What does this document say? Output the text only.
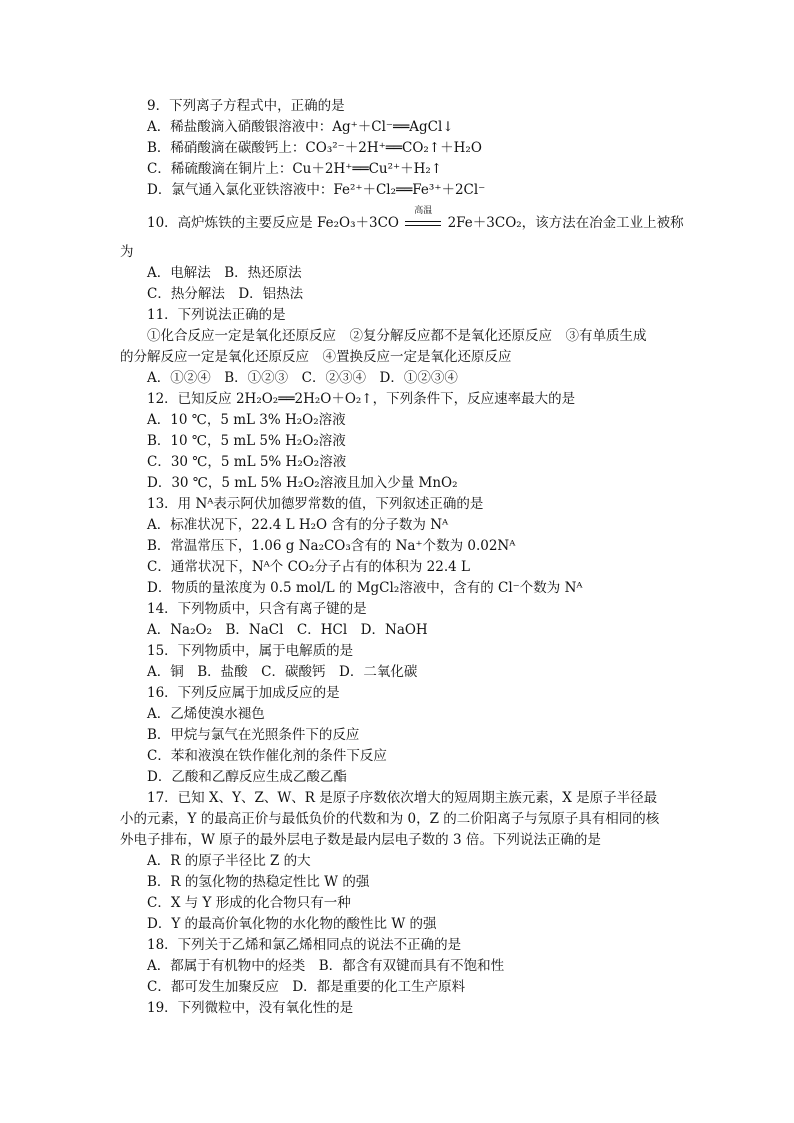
9．下列离子方程式中，正确的是
A．稀盐酸滴入硝酸银溶液中：Ag⁺＋Cl⁻══AgCl↓
B．稀硝酸滴在碳酸钙上：CO₃²⁻＋2H⁺══CO₂↑＋H₂O
C．稀硫酸滴在铜片上：Cu＋2H⁺══Cu²⁺＋H₂↑
D．氯气通入氯化亚铁溶液中：Fe²⁺＋Cl₂══Fe³⁺＋2Cl⁻
10．高炉炼铁的主要反应是 Fe₂O₃＋3CO
高温
2Fe＋3CO₂，该方法在冶金工业上被称
为
A．电解法　B．热还原法
C．热分解法　D．铝热法
11．下列说法正确的是
①化合反应一定是氧化还原反应　②复分解反应都不是氧化还原反应　③有单质生成
的分解反应一定是氧化还原反应　④置换反应一定是氧化还原反应
A．①②④　B．①②③　C．②③④　D．①②③④
12．已知反应 2H₂O₂══2H₂O＋O₂↑，下列条件下，反应速率最大的是
A．10 ℃，5 mL 3% H₂O₂溶液
B．10 ℃，5 mL 5% H₂O₂溶液
C．30 ℃，5 mL 5% H₂O₂溶液
D．30 ℃，5 mL 5% H₂O₂溶液且加入少量 MnO₂
13．用 Nᴬ表示阿伏加德罗常数的值，下列叙述正确的是
A．标准状况下，22.4 L H₂O 含有的分子数为 Nᴬ
B．常温常压下，1.06 g Na₂CO₃含有的 Na⁺个数为 0.02Nᴬ
C．通常状况下，Nᴬ个 CO₂分子占有的体积为 22.4 L
D．物质的量浓度为 0.5 mol/L 的 MgCl₂溶液中，含有的 Cl⁻个数为 Nᴬ
14．下列物质中，只含有离子键的是
A．Na₂O₂　B．NaCl　C．HCl　D．NaOH
15．下列物质中，属于电解质的是
A．铜　B．盐酸　C．碳酸钙　D．二氧化碳
16．下列反应属于加成反应的是
A．乙烯使溴水褪色
B．甲烷与氯气在光照条件下的反应
C．苯和液溴在铁作催化剂的条件下反应
D．乙酸和乙醇反应生成乙酸乙酯
17．已知 X、Y、Z、W、R 是原子序数依次增大的短周期主族元素，X 是原子半径最
小的元素，Y 的最高正价与最低负价的代数和为 0，Z 的二价阳离子与氖原子具有相同的核
外电子排布，W 原子的最外层电子数是最内层电子数的 3 倍。下列说法正确的是
A．R 的原子半径比 Z 的大
B．R 的氢化物的热稳定性比 W 的强
C．X 与 Y 形成的化合物只有一种
D．Y 的最高价氧化物的水化物的酸性比 W 的强
18．下列关于乙烯和氯乙烯相同点的说法不正确的是
A．都属于有机物中的烃类　B．都含有双键而具有不饱和性
C．都可发生加聚反应　D．都是重要的化工生产原料
19．下列微粒中，没有氧化性的是
